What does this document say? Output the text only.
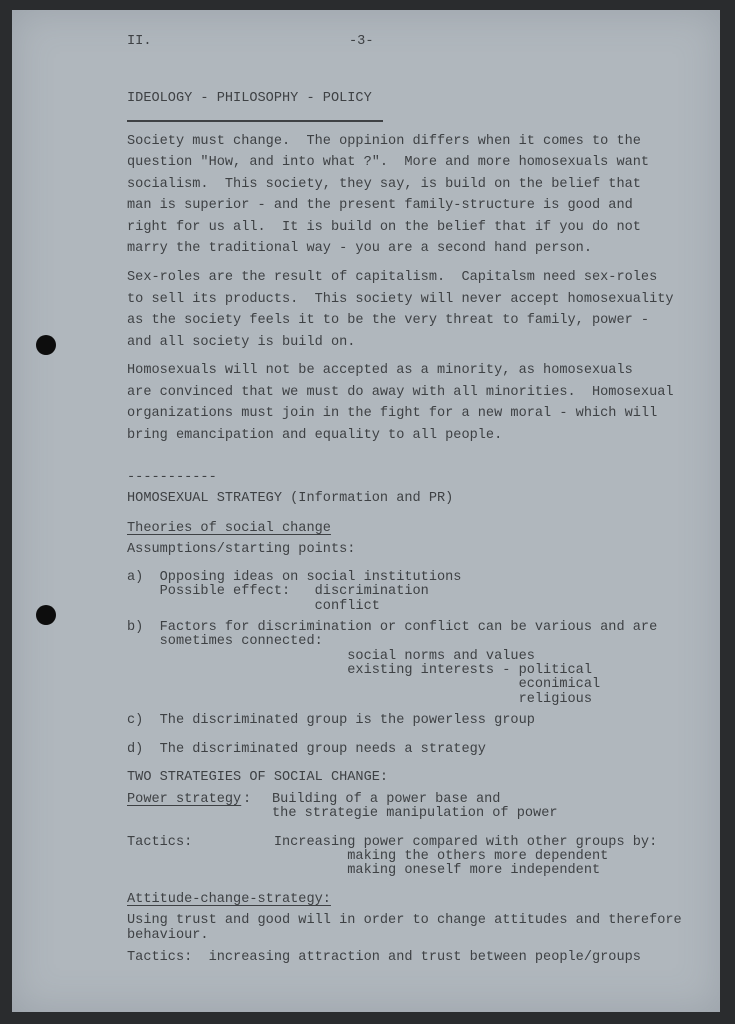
II.	-3-
IDEOLOGY - PHILOSOPHY - POLICY
Society must change.  The oppinion differs when it comes to the
question "How, and into what ?".  More and more homosexuals want
socialism.  This society, they say, is build on the belief that
man is superior - and the present family-structure is good and
right for us all.  It is build on the belief that if you do not
marry the traditional way - you are a second hand person.
Sex-roles are the result of capitalism.  Capitalsm need sex-roles
to sell its products.  This society will never accept homosexuality
as the society feels it to be the very threat to family, power -
and all society is build on.
Homosexuals will not be accepted as a minority, as homosexuals
are convinced that we must do away with all minorities.  Homosexual
organizations must join in the fight for a new moral - which will
bring emancipation and equality to all people.
-----------
HOMOSEXUAL STRATEGY (Information and PR)
Theories of social change
Assumptions/starting points:
a)  Opposing ideas on social institutions
Possible effect:   discrimination
conflict
b)  Factors for discrimination or conflict can be various and are
sometimes connected:
social norms and values
existing interests - political
econimical
religious
c)  The discriminated group is the powerless group
d)  The discriminated group needs a strategy
TWO STRATEGIES OF SOCIAL CHANGE:
Power strategy : Building of a power base and
the strategie manipulation of power
Tactics:          Increasing power compared with other groups by:
making the others more dependent
making oneself more independent
Attitude-change-strategy:
Using trust and good will in order to change attitudes and therefore
behaviour.
Tactics:  increasing attraction and trust between people/groups
